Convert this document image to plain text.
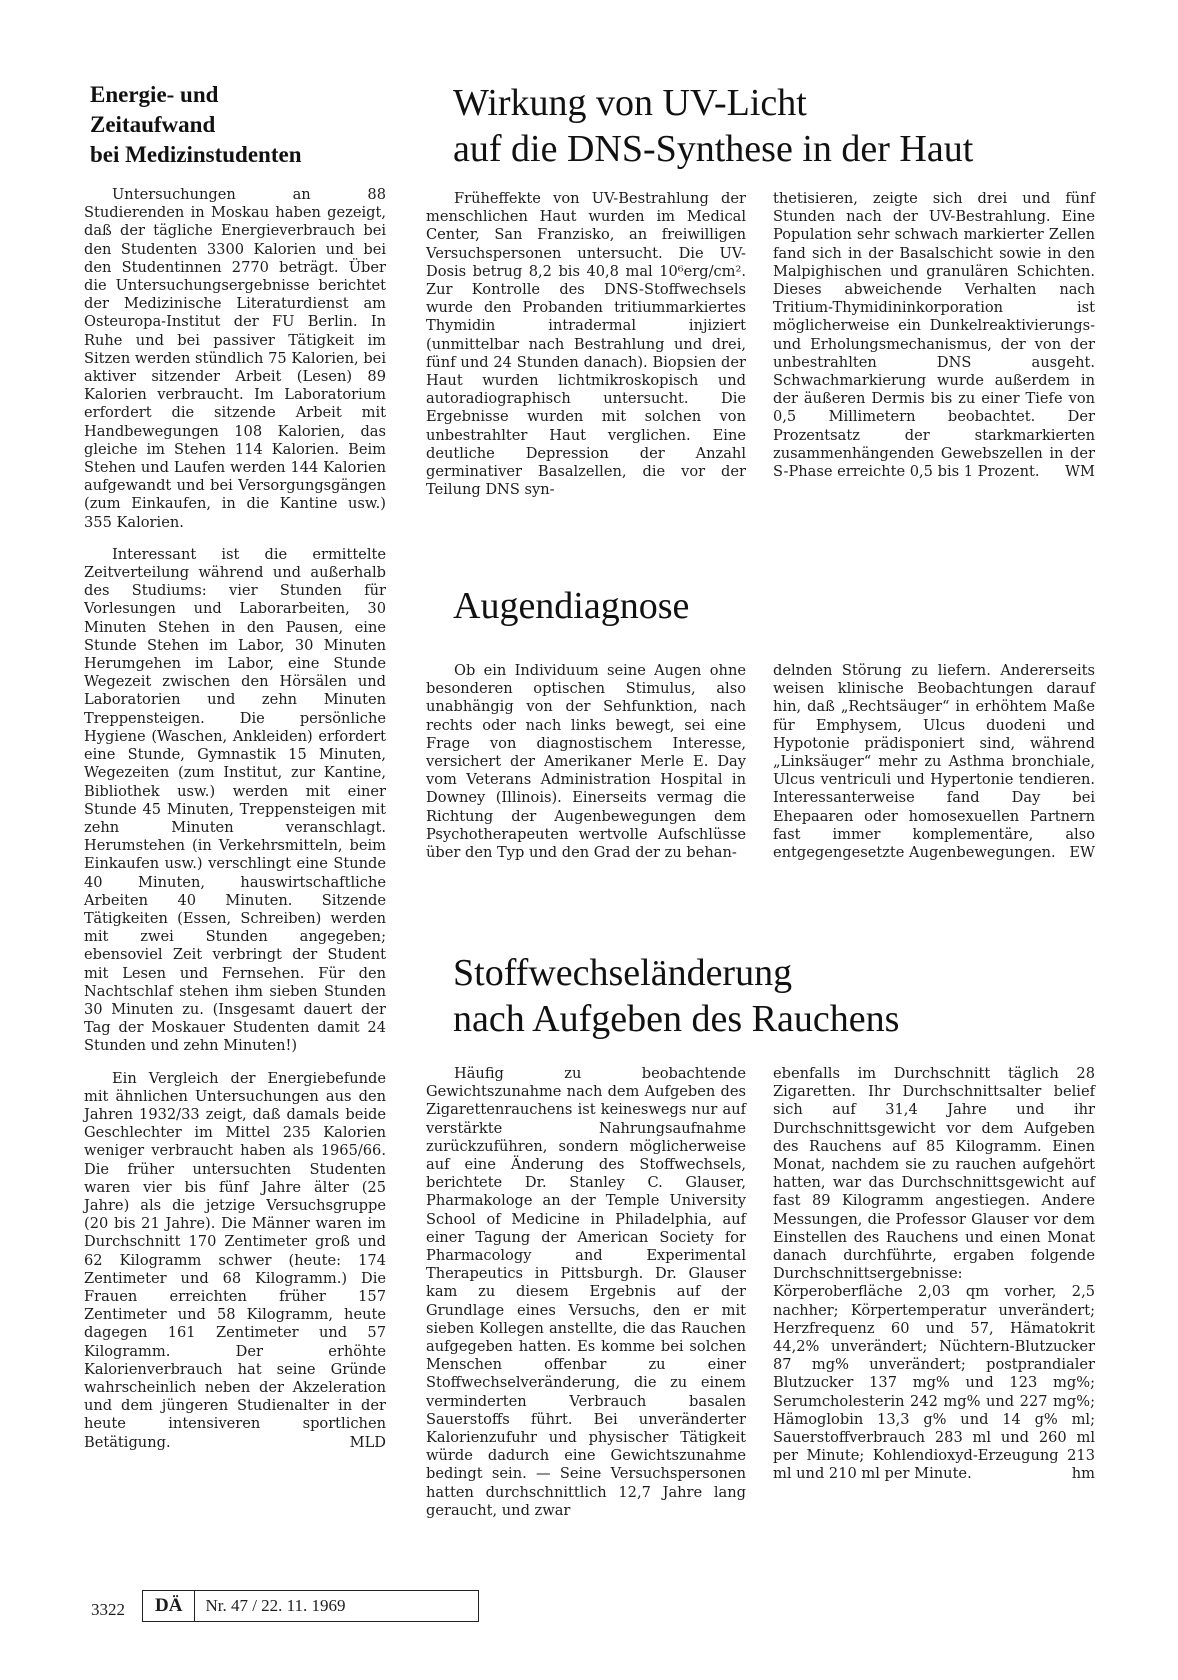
Energie- und
Zeitaufwand
bei Medizinstudenten

Untersuchungen an 88 Studierenden in Moskau haben gezeigt, daß der tägliche Energieverbrauch bei den Studenten 3300 Kalorien und bei den Studentinnen 2770 beträgt. Über die Untersuchungsergebnisse berichtet der Medizinische Literaturdienst am Osteuropa-Institut der FU Berlin. In Ruhe und bei passiver Tätigkeit im Sitzen werden stündlich 75 Kalorien, bei aktiver sitzender Arbeit (Lesen) 89 Kalorien verbraucht. Im Laboratorium erfordert die sitzende Arbeit mit Handbewegungen 108 Kalorien, das gleiche im Stehen 114 Kalorien. Beim Stehen und Laufen werden 144 Kalorien aufgewandt und bei Versorgungsgängen (zum Einkaufen, in die Kantine usw.) 355 Kalorien.

Interessant ist die ermittelte Zeitverteilung während und außerhalb des Studiums: vier Stunden für Vorlesungen und Laborarbeiten, 30 Minuten Stehen in den Pausen, eine Stunde Stehen im Labor, 30 Minuten Herumgehen im Labor, eine Stunde Wegezeit zwischen den Hörsälen und Laboratorien und zehn Minuten Treppensteigen. Die persönliche Hygiene (Waschen, Ankleiden) erfordert eine Stunde, Gymnastik 15 Minuten, Wegezeiten (zum Institut, zur Kantine, Bibliothek usw.) werden mit einer Stunde 45 Minuten, Treppensteigen mit zehn Minuten veranschlagt. Herumstehen (in Verkehrsmitteln, beim Einkaufen usw.) verschlingt eine Stunde 40 Minuten, hauswirtschaftliche Arbeiten 40 Minuten. Sitzende Tätigkeiten (Essen, Schreiben) werden mit zwei Stunden angegeben; ebensoviel Zeit verbringt der Student mit Lesen und Fernsehen. Für den Nachtschlaf stehen ihm sieben Stunden 30 Minuten zu. (Insgesamt dauert der Tag der Moskauer Studenten damit 24 Stunden und zehn Minuten!)

Ein Vergleich der Energiebefunde mit ähnlichen Untersuchungen aus den Jahren 1932/33 zeigt, daß damals beide Geschlechter im Mittel 235 Kalorien weniger verbraucht haben als 1965/66. Die früher untersuchten Studenten waren vier bis fünf Jahre älter (25 Jahre) als die jetzige Versuchsgruppe (20 bis 21 Jahre). Die Männer waren im Durchschnitt 170 Zentimeter groß und 62 Kilogramm schwer (heute: 174 Zentimeter und 68 Kilogramm.) Die Frauen erreichten früher 157 Zentimeter und 58 Kilogramm, heute dagegen 161 Zentimeter und 57 Kilogramm. Der erhöhte Kalorienverbrauch hat seine Gründe wahrscheinlich neben der Akzeleration und dem jüngeren Studienalter in der heute intensiveren sportlichen Betätigung.	MLD

Wirkung von UV-Licht
auf die DNS-Synthese in der Haut

Früheffekte von UV-Bestrahlung der menschlichen Haut wurden im Medical Center, San Franzisko, an freiwilligen Versuchspersonen untersucht. Die UV-Dosis betrug 8,2 bis 40,8 mal 10⁶erg/cm². Zur Kontrolle des DNS-Stoffwechsels wurde den Probanden tritiummarkiertes Thymidin intradermal injiziert (unmittelbar nach Bestrahlung und drei, fünf und 24 Stunden danach). Biopsien der Haut wurden lichtmikroskopisch und autoradiographisch untersucht. Die Ergebnisse wurden mit solchen von unbestrahlter Haut verglichen. Eine deutliche Depression der Anzahl germinativer Basalzellen, die vor der Teilung DNS syn-

thetisieren, zeigte sich drei und fünf Stunden nach der UV-Bestrahlung. Eine Population sehr schwach markierter Zellen fand sich in der Basalschicht sowie in den Malpighischen und granulären Schichten. Dieses abweichende Verhalten nach Tritium-Thymidininkorporation ist möglicherweise ein Dunkelreaktivierungs- und Erholungsmechanismus, der von der unbestrahlten DNS ausgeht. Schwachmarkierung wurde außerdem in der äußeren Dermis bis zu einer Tiefe von 0,5 Millimetern beobachtet. Der Prozentsatz der starkmarkierten zusammenhängenden Gewebszellen in der S-Phase erreichte 0,5 bis 1 Prozent. WM

Augendiagnose

Ob ein Individuum seine Augen ohne besonderen optischen Stimulus, also unabhängig von der Sehfunktion, nach rechts oder nach links bewegt, sei eine Frage von diagnostischem Interesse, versichert der Amerikaner Merle E. Day vom Veterans Administration Hospital in Downey (Illinois). Einerseits vermag die Richtung der Augenbewegungen dem Psychotherapeuten wertvolle Aufschlüsse über den Typ und den Grad der zu behan-

delnden Störung zu liefern. Andererseits weisen klinische Beobachtungen darauf hin, daß „Rechtsäuger“ in erhöhtem Maße für Emphysem, Ulcus duodeni und Hypotonie prädisponiert sind, während „Linksäuger“ mehr zu Asthma bronchiale, Ulcus ventriculi und Hypertonie tendieren. Interessanterweise fand Day bei Ehepaaren oder homosexuellen Partnern fast immer komplementäre, also entgegengesetzte Augenbewegungen. EW

Stoffwechseländerung
nach Aufgeben des Rauchens

Häufig zu beobachtende Gewichtszunahme nach dem Aufgeben des Zigarettenrauchens ist keineswegs nur auf verstärkte Nahrungsaufnahme zurückzuführen, sondern möglicherweise auf eine Änderung des Stoffwechsels, berichtete Dr. Stanley C. Glauser, Pharmakologe an der Temple University School of Medicine in Philadelphia, auf einer Tagung der American Society for Pharmacology and Experimental Therapeutics in Pittsburgh. Dr. Glauser kam zu diesem Ergebnis auf der Grundlage eines Versuchs, den er mit sieben Kollegen anstellte, die das Rauchen aufgegeben hatten. Es komme bei solchen Menschen offenbar zu einer Stoffwechselveränderung, die zu einem verminderten Verbrauch basalen Sauerstoffs führt. Bei unveränderter Kalorienzufuhr und physischer Tätigkeit würde dadurch eine Gewichtszunahme bedingt sein. — Seine Versuchspersonen hatten durchschnittlich 12,7 Jahre lang geraucht, und zwar

ebenfalls im Durchschnitt täglich 28 Zigaretten. Ihr Durchschnittsalter belief sich auf 31,4 Jahre und ihr Durchschnittsgewicht vor dem Aufgeben des Rauchens auf 85 Kilogramm. Einen Monat, nachdem sie zu rauchen aufgehört hatten, war das Durchschnittsgewicht auf fast 89 Kilogramm angestiegen. Andere Messungen, die Professor Glauser vor dem Einstellen des Rauchens und einen Monat danach durchführte, ergaben folgende Durchschnittsergebnisse: Körperoberfläche 2,03 qm vorher, 2,5 nachher; Körpertemperatur unverändert; Herzfrequenz 60 und 57, Hämatokrit 44,2% unverändert; Nüchtern-Blutzucker 87 mg% unverändert; postprandialer Blutzucker 137 mg% und 123 mg%; Serumcholesterin 242 mg% und 227 mg%; Hämoglobin 13,3 g% und 14 g% ml; Sauerstoffverbrauch 283 ml und 260 ml per Minute; Kohlendioxyd-Erzeugung 213 ml und 210 ml per Minute.	hm

3322	DÄ	Nr. 47 / 22. 11. 1969
